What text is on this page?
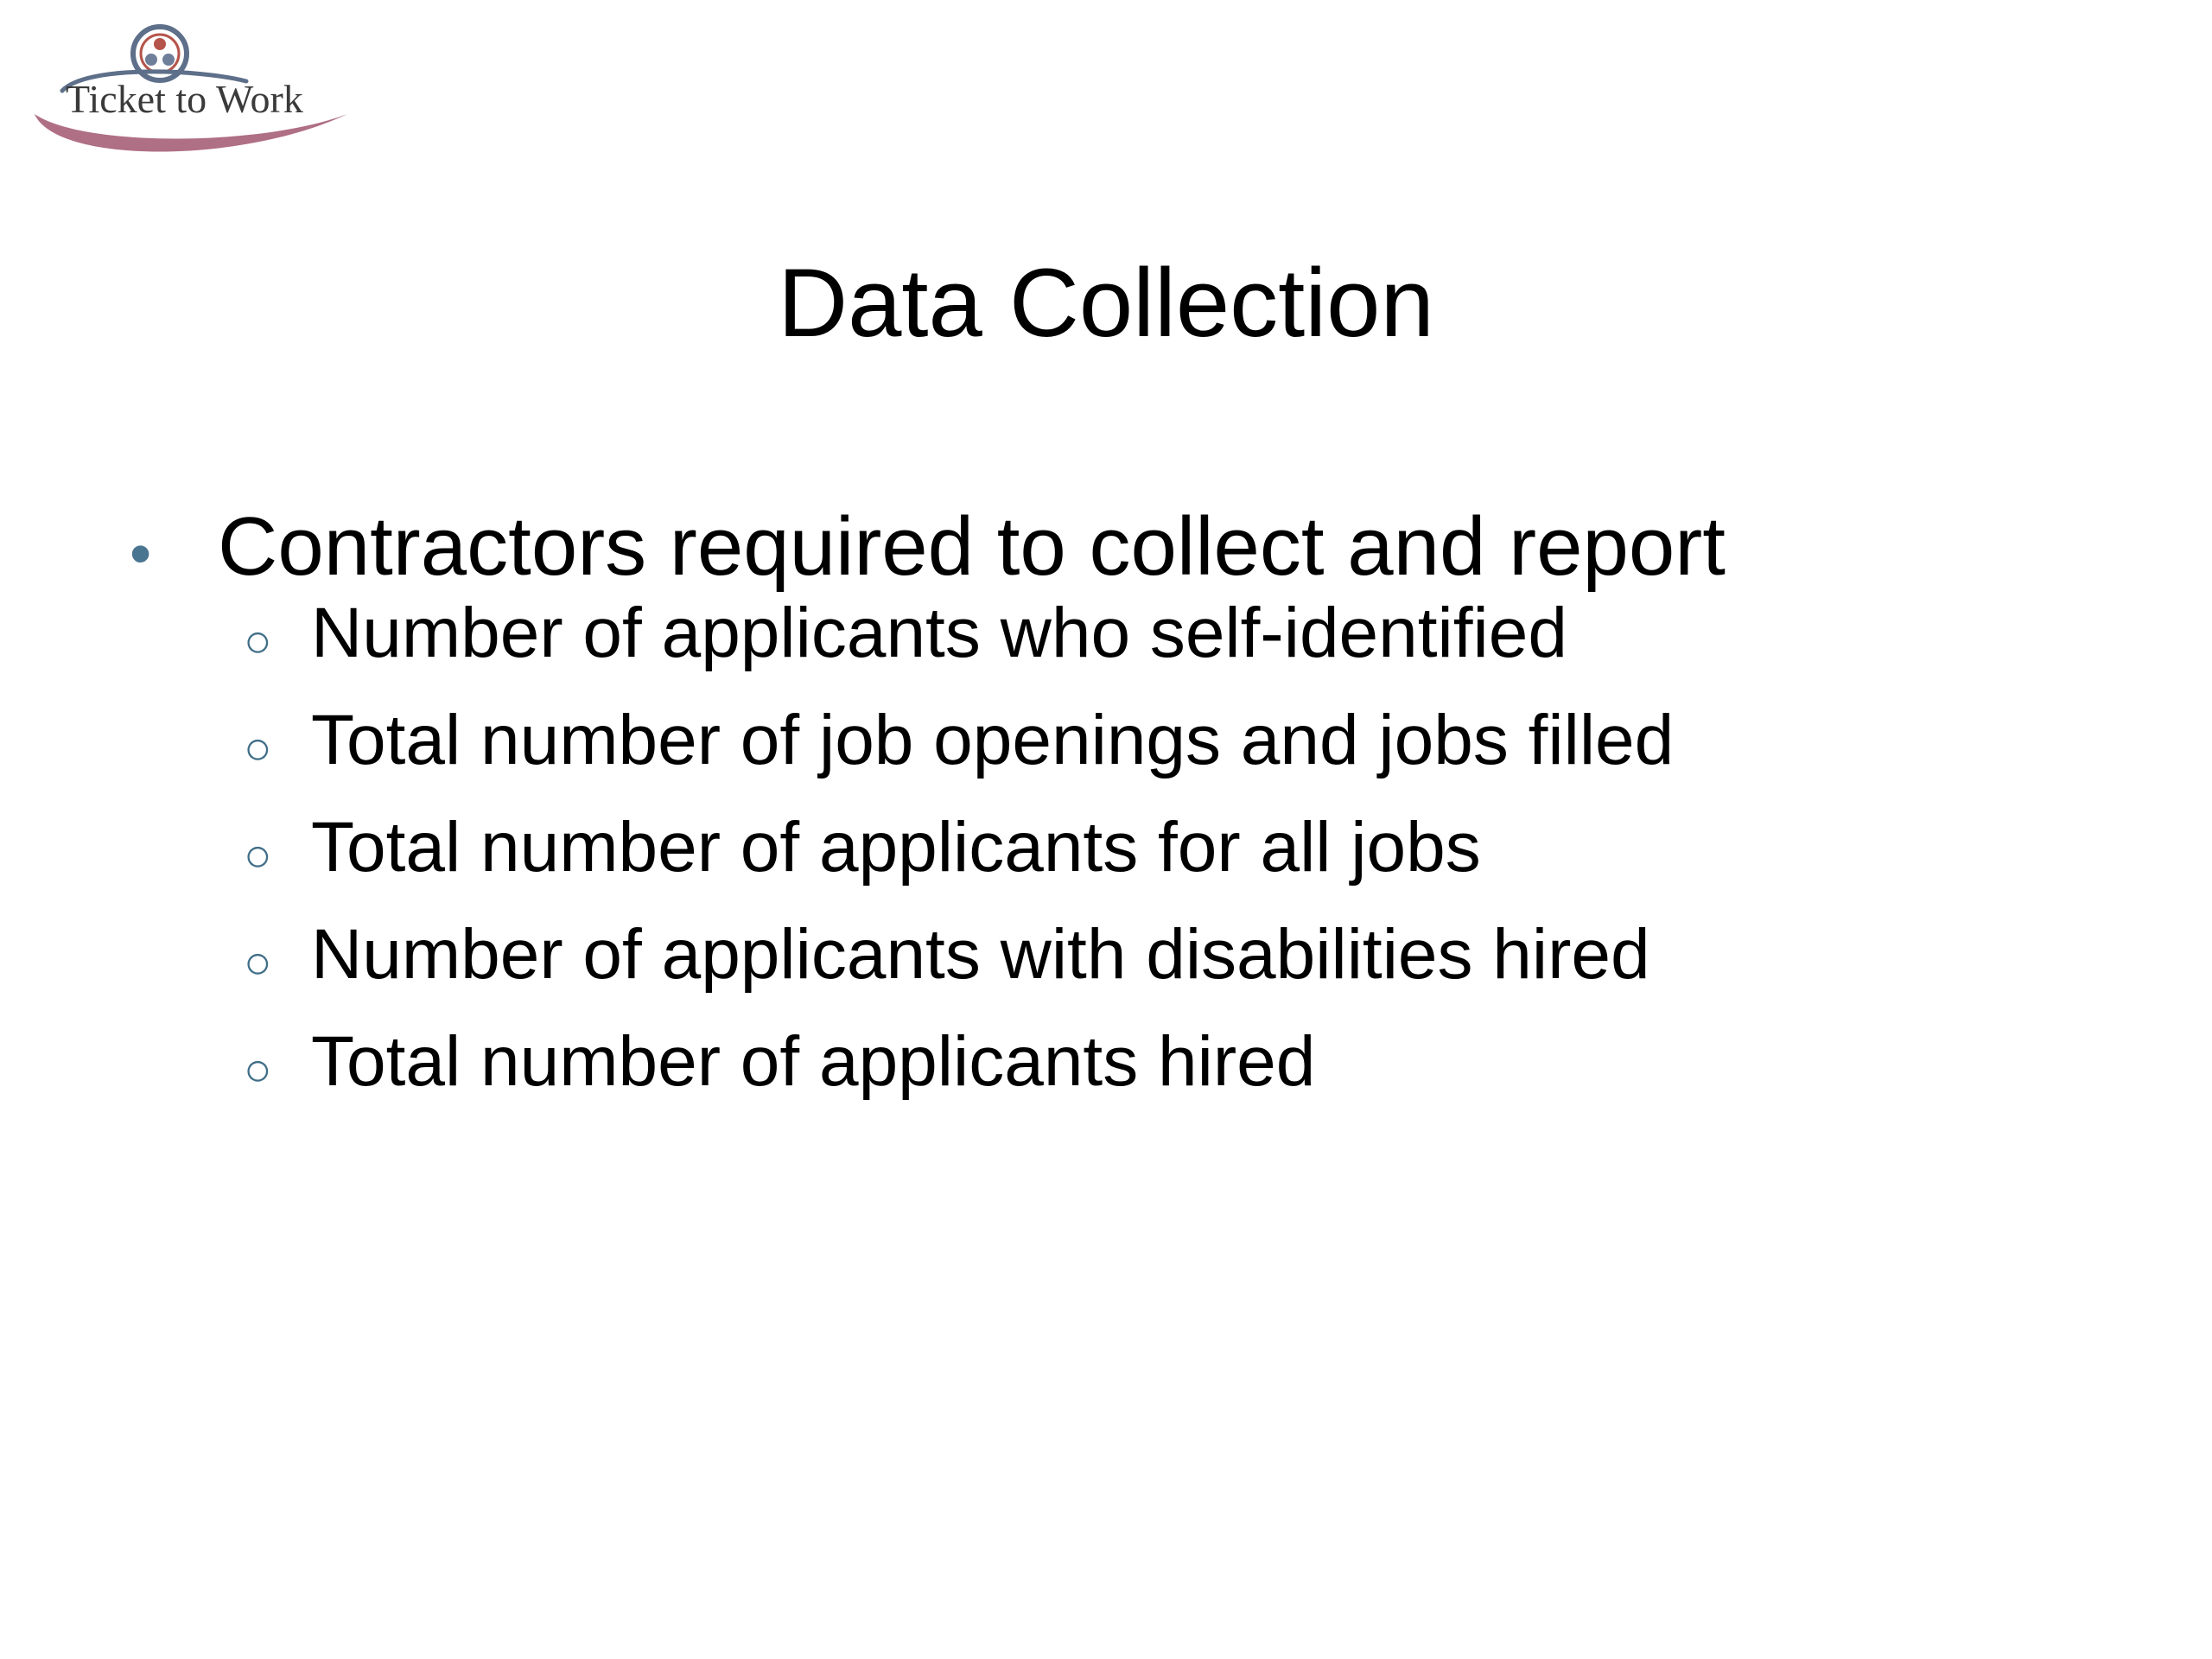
Ticket to Work
Data Collection
• Contractors required to collect and report
○ Number of applicants who self-identified
○ Total number of job openings and jobs filled
○ Total number of applicants for all jobs
○ Number of applicants with disabilities hired
○ Total number of applicants hired
